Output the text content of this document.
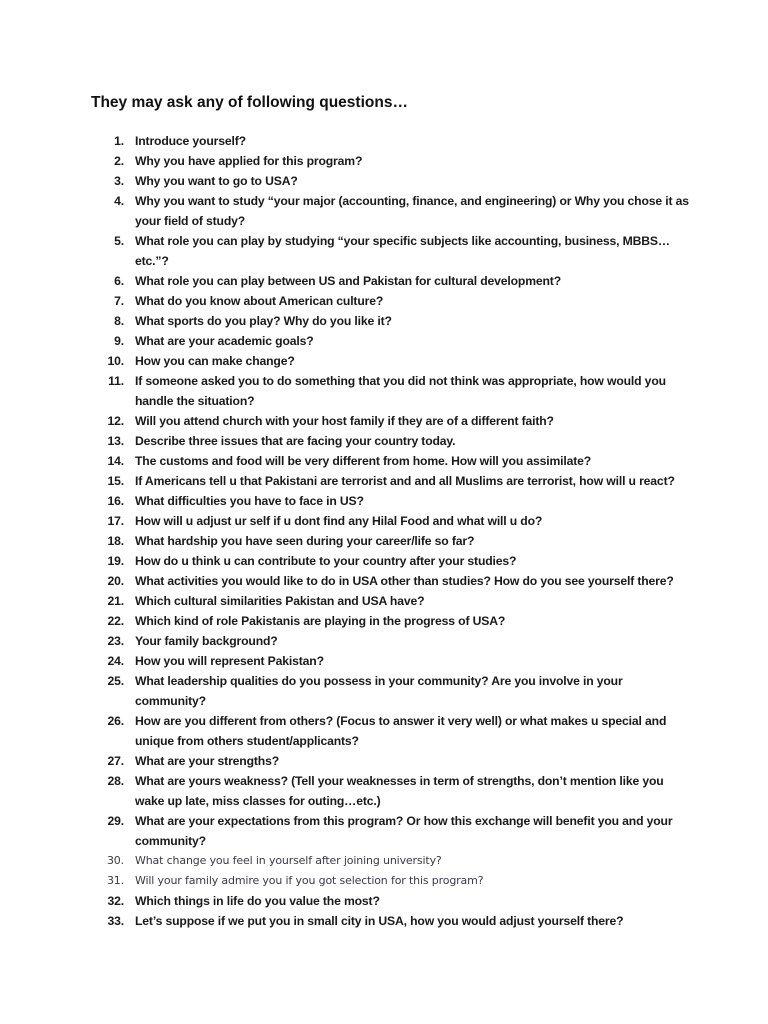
They may ask any of following questions…
1. Introduce yourself?
2. Why you have applied for this program?
3. Why you want to go to USA?
4. Why you want to study “your major (accounting, finance, and engineering) or Why you chose it as your field of study?
5. What role you can play by studying “your specific subjects like accounting, business, MBBS…etc.”?
6. What role you can play between US and Pakistan for cultural development?
7. What do you know about American culture?
8. What sports do you play? Why do you like it?
9. What are your academic goals?
10. How you can make change?
11. If someone asked you to do something that you did not think was appropriate, how would you handle the situation?
12. Will you attend church with your host family if they are of a different faith?
13. Describe three issues that are facing your country today.
14. The customs and food will be very different from home. How will you assimilate?
15. If Americans tell u that Pakistani are terrorist and and all Muslims are terrorist, how will u react?
16. What difficulties you have to face in US?
17. How will u adjust ur self if u dont find any Hilal Food and what will u do?
18. What hardship you have seen during your career/life so far?
19. How do u think u can contribute to your country after your studies?
20. What activities you would like to do in USA other than studies? How do you see yourself there?
21. Which cultural similarities Pakistan and USA have?
22. Which kind of role Pakistanis are playing in the progress of USA?
23. Your family background?
24. How you will represent Pakistan?
25. What leadership qualities do you possess in your community? Are you involve in your community?
26. How are you different from others? (Focus to answer it very well) or what makes u special and unique from others student/applicants?
27. What are your strengths?
28. What are yours weakness? (Tell your weaknesses in term of strengths, don’t mention like you wake up late, miss classes for outing…etc.)
29. What are your expectations from this program? Or how this exchange will benefit you and your community?
30. What change you feel in yourself after joining university?
31. Will your family admire you if you got selection for this program?
32. Which things in life do you value the most?
33. Let’s suppose if we put you in small city in USA, how you would adjust yourself there?
